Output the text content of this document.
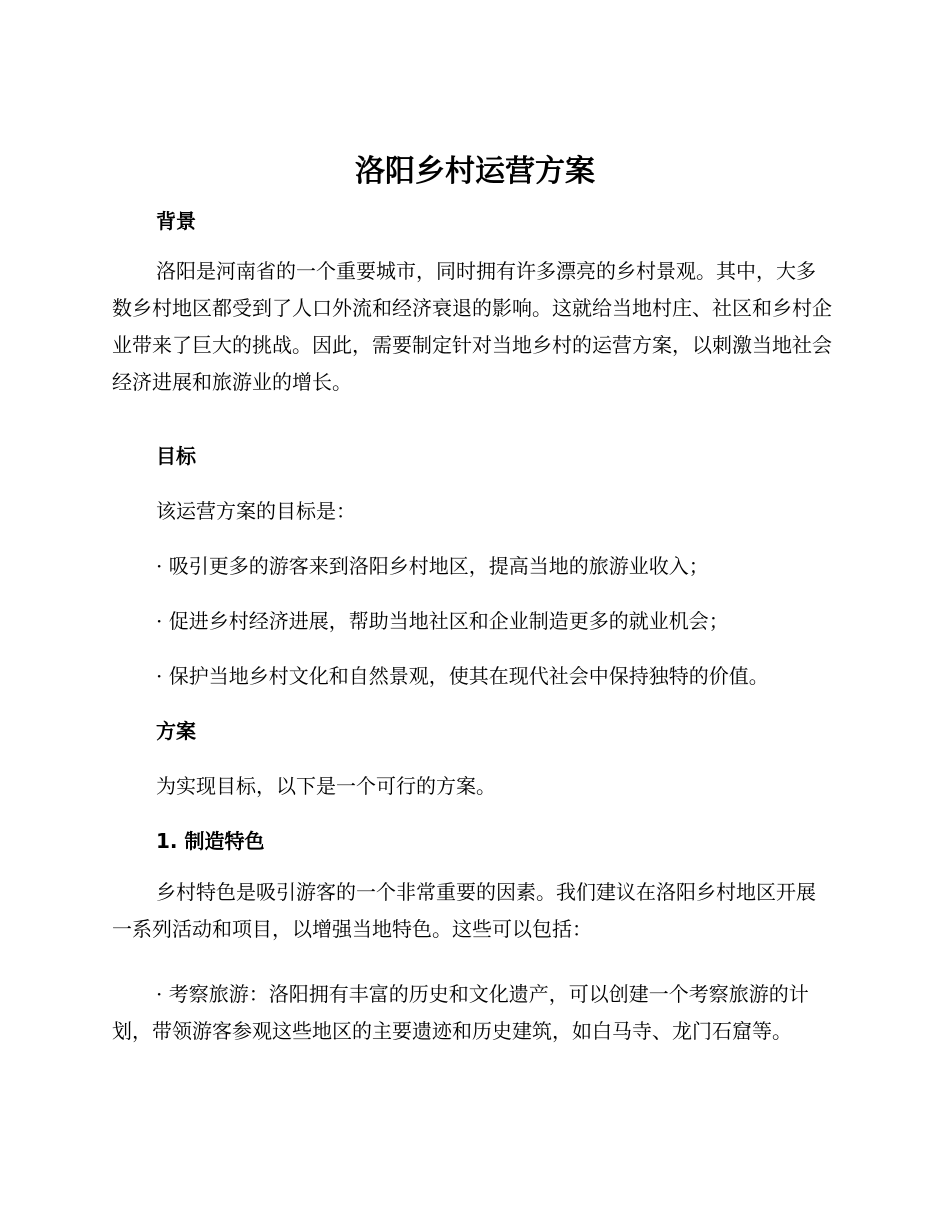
洛阳乡村运营方案
背景

洛阳是河南省的一个重要城市，同时拥有许多漂亮的乡村景观。其中，大多数乡村地区都受到了人口外流和经济衰退的影响。这就给当地村庄、社区和乡村企业带来了巨大的挑战。因此，需要制定针对当地乡村的运营方案，以刺激当地社会经济进展和旅游业的增长。

目标

该运营方案的目标是：

· 吸引更多的游客来到洛阳乡村地区，提高当地的旅游业收入；

· 促进乡村经济进展，帮助当地社区和企业制造更多的就业机会；

· 保护当地乡村文化和自然景观，使其在现代社会中保持独特的价值。

方案

为实现目标，以下是一个可行的方案。

1. 制造特色

乡村特色是吸引游客的一个非常重要的因素。我们建议在洛阳乡村地区开展一系列活动和项目，以增强当地特色。这些可以包括：

· 考察旅游：洛阳拥有丰富的历史和文化遗产，可以创建一个考察旅游的计划，带领游客参观这些地区的主要遗迹和历史建筑，如白马寺、龙门石窟等。
